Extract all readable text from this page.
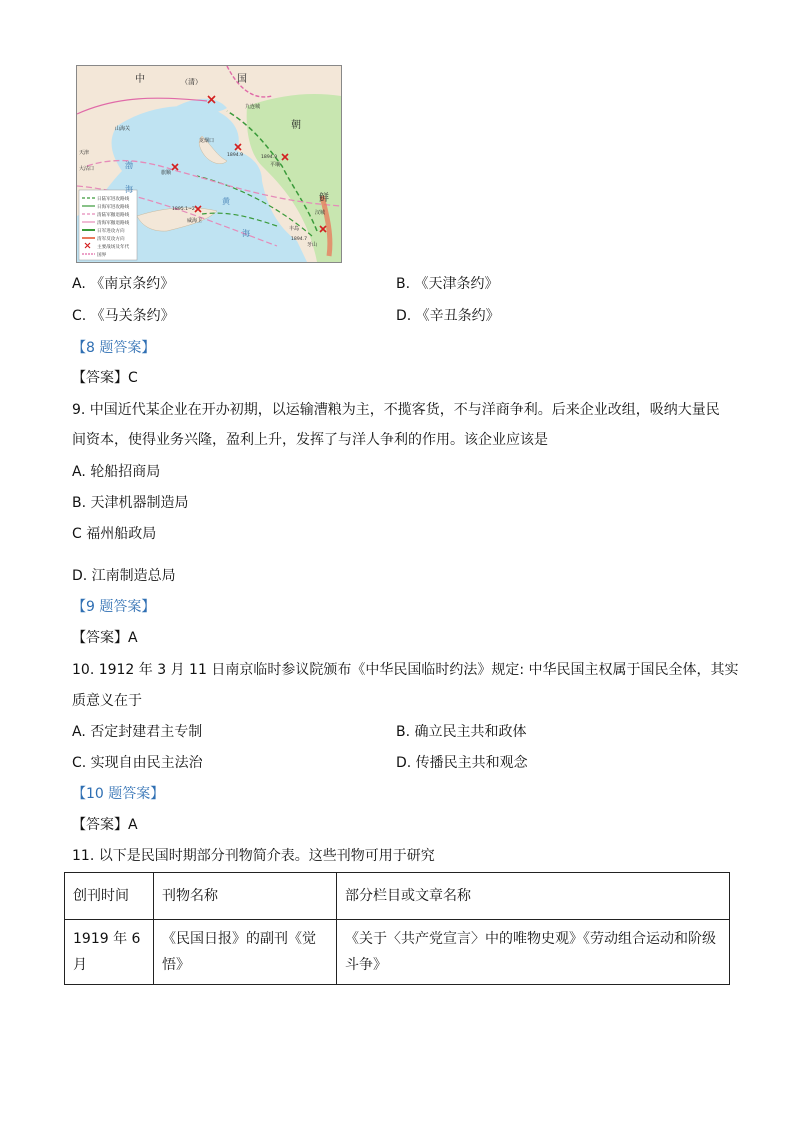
日陆军进攻路线
日海军进攻路线
清陆军撤退路线
清海军撤退路线
日军进攻方向
清军反攻方向
主要战场及年代
国界
中	（清）	国
朝
鲜
渤
海
黄
海
天津
大沽口
山海关
龙烟口
旅顺
威海卫
九连城
平壤
汉城
牙山
丰岛
1894.9	1894.9
1895.1~2
1894.7
A. 《南京条约》	B. 《天津条约》
C. 《马关条约》	D. 《辛丑条约》
【8 题答案】
【答案】C
9. 中国近代某企业在开办初期，以运输漕粮为主，不揽客货，不与洋商争利。后来企业改组，吸纳大量民
间资本，使得业务兴隆，盈利上升，发挥了与洋人争利的作用。该企业应该是
A. 轮船招商局
B. 天津机器制造局
C 福州船政局
D. 江南制造总局
【9 题答案】
【答案】A
10. 1912 年 3 月 11 日南京临时参议院颁布《中华民国临时约法》规定: 中华民国主权属于国民全体，其实
质意义在于
A. 否定封建君主专制	B. 确立民主共和政体
C. 实现自由民主法治	D. 传播民主共和观念
【10 题答案】
【答案】A
11. 以下是民国时期部分刊物简介表。这些刊物可用于研究
创刊时间	刊物名称	部分栏目或文章名称
1919 年 6 月	《民国日报》的副刊《觉悟》	《关于〈共产党宣言〉中的唯物史观》《劳动组合运动和阶级斗争》
